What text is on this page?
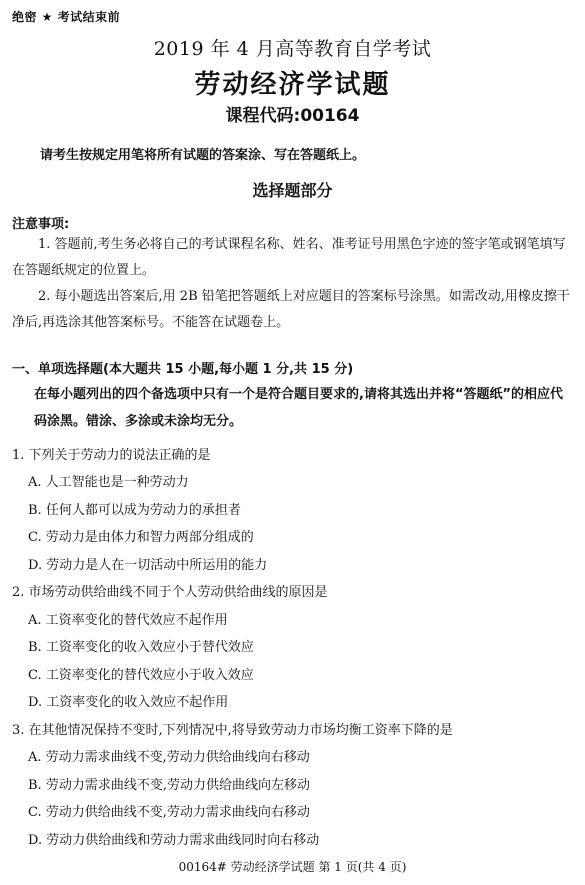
绝密 ★ 考试结束前
2019 年 4 月高等教育自学考试
劳动经济学试题
课程代码:00164
请考生按规定用笔将所有试题的答案涂、写在答题纸上。
选择题部分
注意事项:
1. 答题前,考生务必将自己的考试课程名称、姓名、准考证号用黑色字迹的签字笔或钢笔填写在答题纸规定的位置上。
2. 每小题选出答案后,用 2B 铅笔把答题纸上对应题目的答案标号涂黑。如需改动,用橡皮擦干净后,再选涂其他答案标号。不能答在试题卷上。
一、单项选择题(本大题共 15 小题,每小题 1 分,共 15 分)
在每小题列出的四个备选项中只有一个是符合题目要求的,请将其选出并将“答题纸”的相应代码涂黑。错涂、多涂或未涂均无分。
1. 下列关于劳动力的说法正确的是
A. 人工智能也是一种劳动力
B. 任何人都可以成为劳动力的承担者
C. 劳动力是由体力和智力两部分组成的
D. 劳动力是人在一切活动中所运用的能力
2. 市场劳动供给曲线不同于个人劳动供给曲线的原因是
A. 工资率变化的替代效应不起作用
B. 工资率变化的收入效应小于替代效应
C. 工资率变化的替代效应小于收入效应
D. 工资率变化的收入效应不起作用
3. 在其他情况保持不变时,下列情况中,将导致劳动力市场均衡工资率下降的是
A. 劳动力需求曲线不变,劳动力供给曲线向右移动
B. 劳动力需求曲线不变,劳动力供给曲线向左移动
C. 劳动力供给曲线不变,劳动力需求曲线向右移动
D. 劳动力供给曲线和劳动力需求曲线同时向右移动
00164# 劳动经济学试题 第 1 页(共 4 页)
